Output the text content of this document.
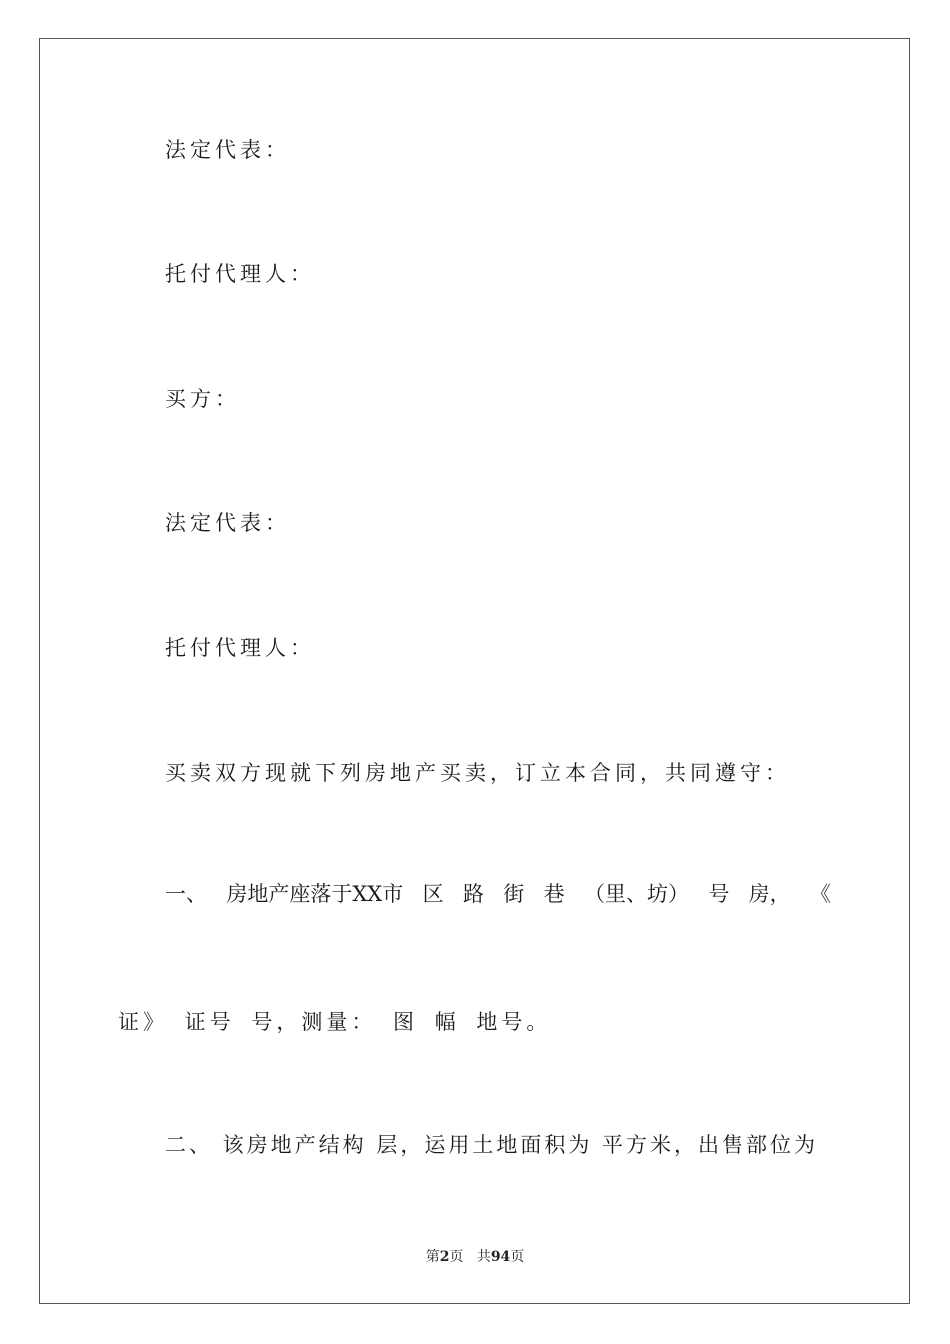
法定代表：
托付代理人：
买方：
法定代表：
托付代理人：
买卖双方现就下列房地产买卖，订立本合同，共同遵守：
一、 房地产座落于XX市 区 路 街 巷 （里、坊） 号 房， 《
证》 证号 号，测量： 图 幅 地号。
二、 该房地产结构 层，运用土地面积为 平方米，出售部位为
第2页 共94页
